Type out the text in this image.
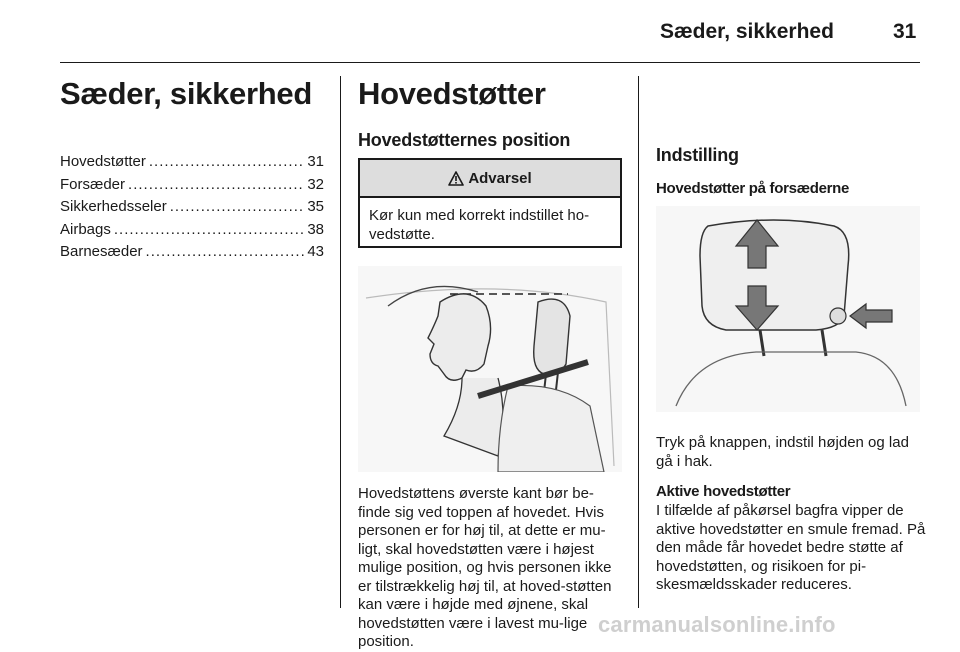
Sæder, sikkerhed	31
Sæder, sikkerhed
Hovedstøtter .....	31
Forsæder .....	32
Sikkerhedsseler .....	35
Airbags .....	38
Barnesæder .....	43
Hovedstøtter
Hovedstøtternes position
Advarsel
Kør kun med korrekt indstillet ho-vedstøtte.
Hovedstøttens øverste kant bør be-finde sig ved toppen af hovedet. Hvis personen er for høj til, at dette er mu-ligt, skal hovedstøtten være i højest mulige position, og hvis personen ikke er tilstrækkelig høj til, at hoved-støtten kan være i højde med øjnene, skal hovedstøtten være i lavest mu-lige position.
Indstilling
Hovedstøtter på forsæderne
Tryk på knappen, indstil højden og lad gå i hak.
Aktive hovedstøtter
I tilfælde af påkørsel bagfra vipper de aktive hovedstøtter en smule fremad. På den måde får hovedet bedre støtte af hovedstøtten, og risikoen for pi-skesmældsskader reduceres.
carmanualsonline.info
